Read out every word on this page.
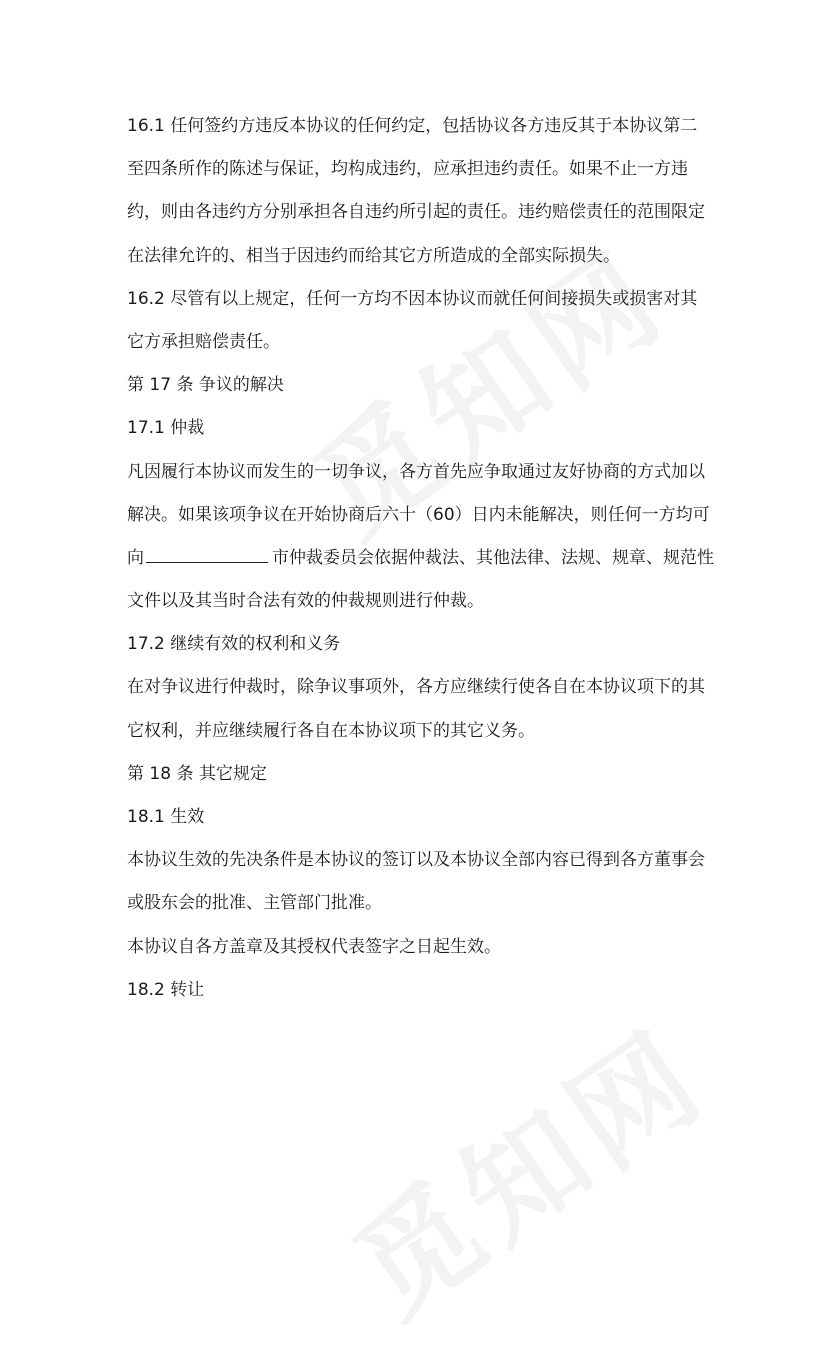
16.1 任何签约方违反本协议的任何约定，包括协议各方违反其于本协议第二
至四条所作的陈述与保证，均构成违约，应承担违约责任。如果不止一方违
约，则由各违约方分别承担各自违约所引起的责任。违约赔偿责任的范围限定
在法律允许的、相当于因违约而给其它方所造成的全部实际损失。
16.2 尽管有以上规定，任何一方均不因本协议而就任何间接损失或损害对其
它方承担赔偿责任。
第 17 条 争议的解决
17.1 仲裁
凡因履行本协议而发生的一切争议，各方首先应争取通过友好协商的方式加以
解决。如果该项争议在开始协商后六十（60）日内未能解决，则任何一方均可
向	市仲裁委员会依据仲裁法、其他法律、法规、规章、规范性
文件以及其当时合法有效的仲裁规则进行仲裁。
17.2 继续有效的权利和义务
在对争议进行仲裁时，除争议事项外，各方应继续行使各自在本协议项下的其
它权利，并应继续履行各自在本协议项下的其它义务。
第 18 条 其它规定
18.1 生效
本协议生效的先决条件是本协议的签订以及本协议全部内容已得到各方董事会
或股东会的批准、主管部门批准。
本协议自各方盖章及其授权代表签字之日起生效。
18.2 转让
